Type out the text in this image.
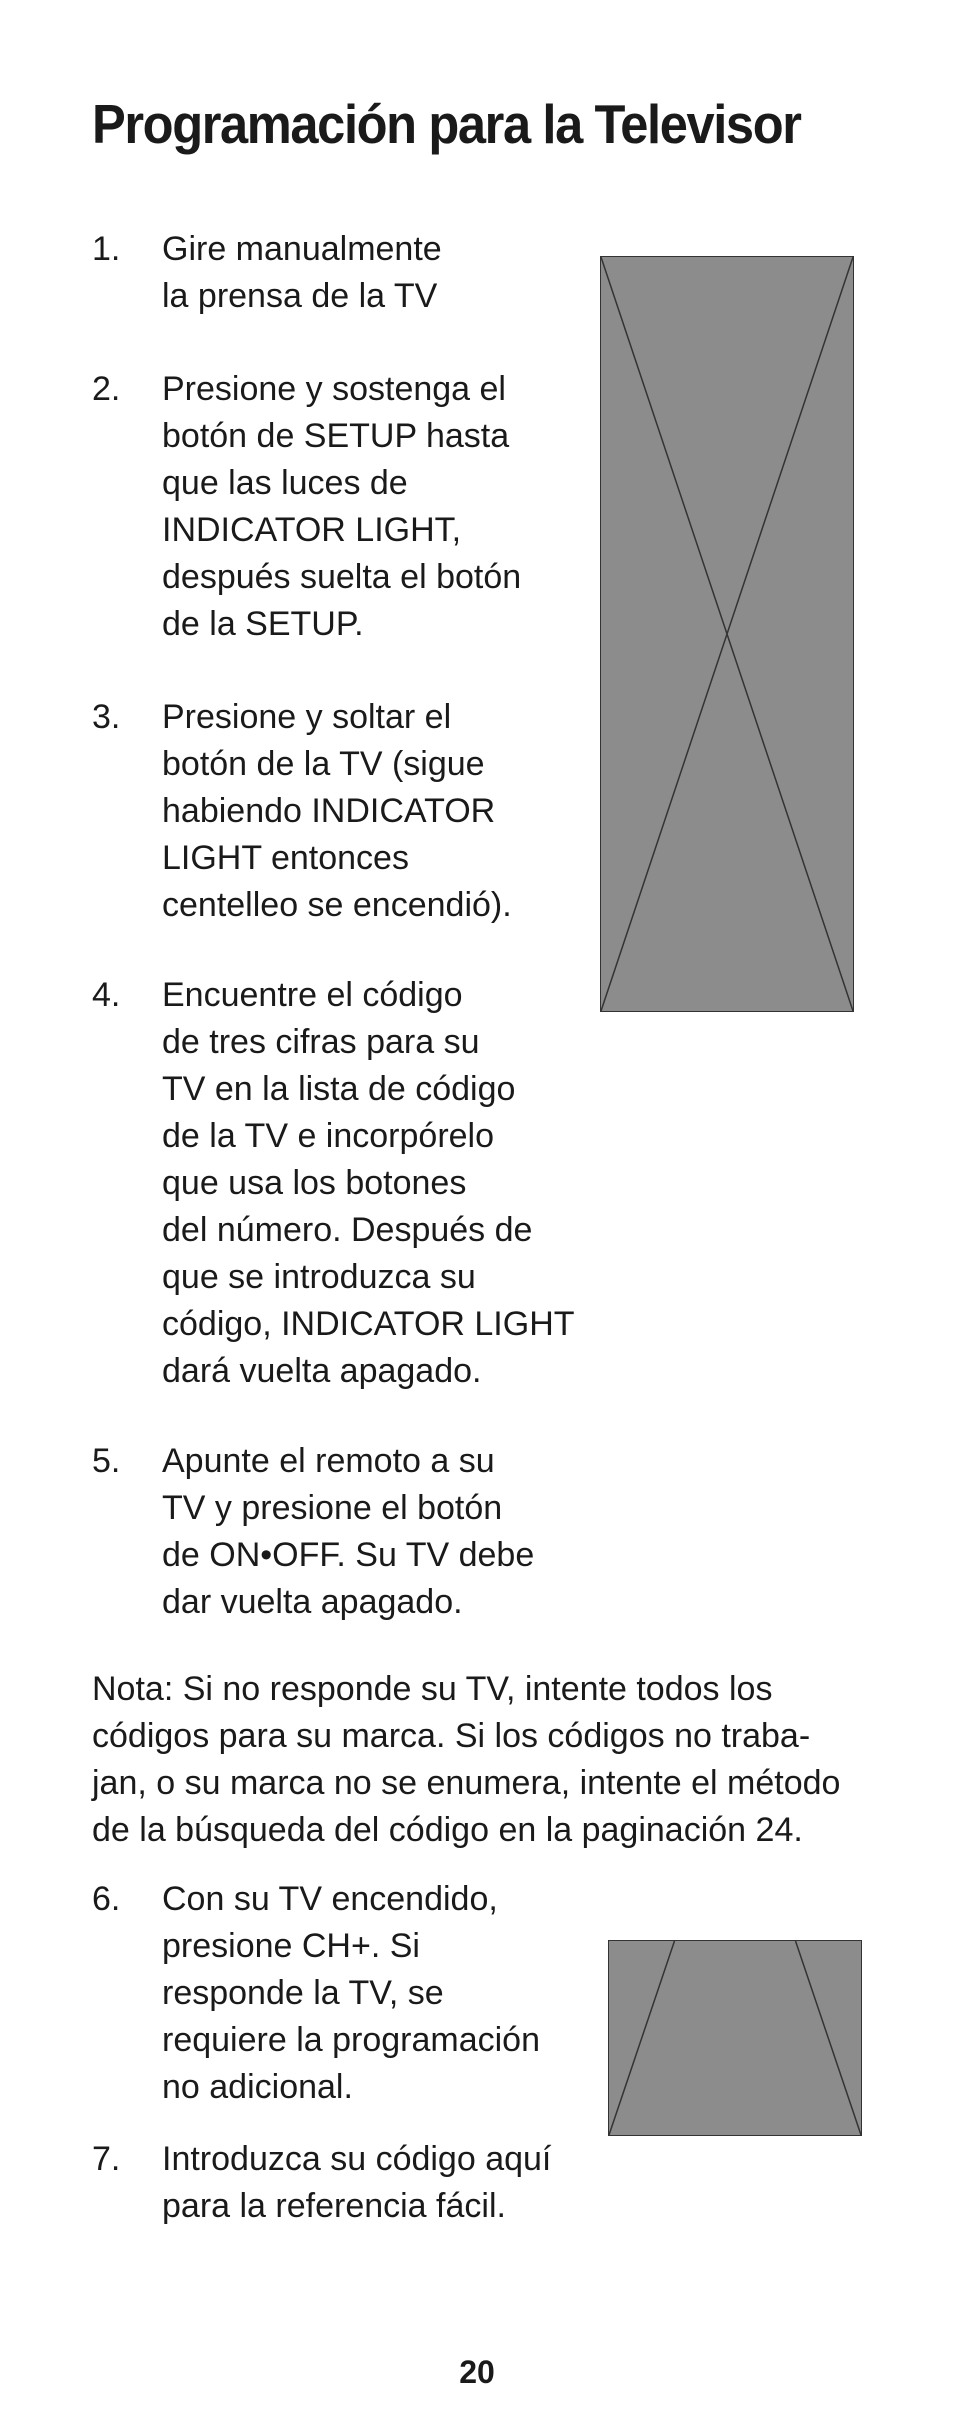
Programación para la Televisor
1.	Gire manualmente
la prensa de la TV
2.	Presione y sostenga el
botón de SETUP hasta
que las luces de
INDICATOR LIGHT,
después suelta el botón
de la SETUP.
3.	Presione y soltar el
botón de la TV (sigue
habiendo INDICATOR
LIGHT entonces
centelleo se encendió).
4.	Encuentre el código
de tres cifras para su
TV en la lista de código
de la TV e incorpórelo
que usa los botones
del número. Después de
que se introduzca su
código, INDICATOR LIGHT
dará vuelta apagado.
5.	Apunte el remoto a su
TV y presione el botón
de ON•OFF. Su TV debe
dar vuelta apagado.
Nota: Si no responde su TV, intente todos los
códigos para su marca. Si los códigos no traba-
jan, o su marca no se enumera, intente el método
de la búsqueda del código en la paginación 24.
6.	Con su TV encendido,
presione CH+. Si
responde la TV, se
requiere la programación
no adicional.
7.	Introduzca su código aquí
para la referencia fácil.
20
